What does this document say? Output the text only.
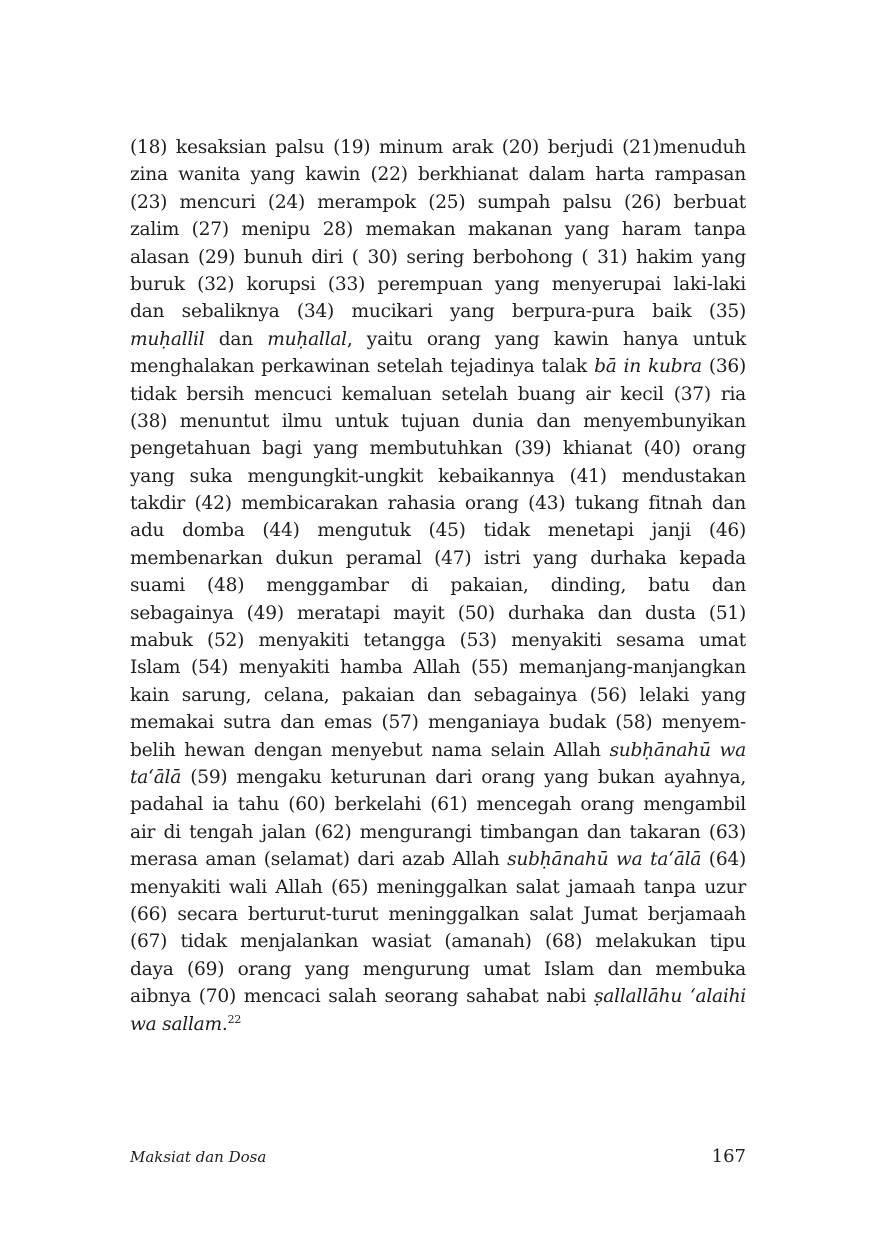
(18) kesaksian palsu (19) minum arak (20) berjudi (21)menuduh
zina wanita yang kawin (22) berkhianat dalam harta rampasan
(23) mencuri (24) merampok (25) sumpah palsu (26) berbuat
zalim (27) menipu 28) memakan makanan yang haram tanpa
alasan (29) bunuh diri ( 30) sering berbohong ( 31) hakim yang
buruk (32) korupsi (33) perempuan yang menyerupai laki-laki
dan sebaliknya (34) mucikari yang berpura-pura baik (35)
muḥallil dan muḥallal, yaitu orang yang kawin hanya untuk
menghalakan perkawinan setelah tejadinya talak bā in kubra (36)
tidak bersih mencuci kemaluan setelah buang air kecil (37) ria
(38) menuntut ilmu untuk tujuan dunia dan menyembunyikan
pengetahuan bagi yang membutuhkan (39) khianat (40) orang
yang suka mengungkit-ungkit kebaikannya (41) mendustakan
takdir (42) membicarakan rahasia orang (43) tukang fitnah dan
adu domba (44) mengutuk (45) tidak menetapi janji (46)
membenarkan dukun peramal (47) istri yang durhaka kepada
suami (48) menggambar di pakaian, dinding, batu dan
sebagainya (49) meratapi mayit (50) durhaka dan dusta (51)
mabuk (52) menyakiti tetangga (53) menyakiti sesama umat
Islam (54) menyakiti hamba Allah (55) memanjang-manjangkan
kain sarung, celana, pakaian dan sebagainya (56) lelaki yang
memakai sutra dan emas (57) menganiaya budak (58) menyem-
belih hewan dengan menyebut nama selain Allah subḥānahū wa
ta‘ālā (59) mengaku keturunan dari orang yang bukan ayahnya,
padahal ia tahu (60) berkelahi (61) mencegah orang mengambil
air di tengah jalan (62) mengurangi timbangan dan takaran (63)
merasa aman (selamat) dari azab Allah subḥānahū wa ta‘ālā (64)
menyakiti wali Allah (65) meninggalkan salat jamaah tanpa uzur
(66) secara berturut-turut meninggalkan salat Jumat berjamaah
(67) tidak menjalankan wasiat (amanah) (68) melakukan tipu
daya (69) orang yang mengurung umat Islam dan membuka
aibnya (70) mencaci salah seorang sahabat nabi ṣallallāhu ‘alaihi
wa sallam.$^{22}$
Maksiat dan Dosa	167
